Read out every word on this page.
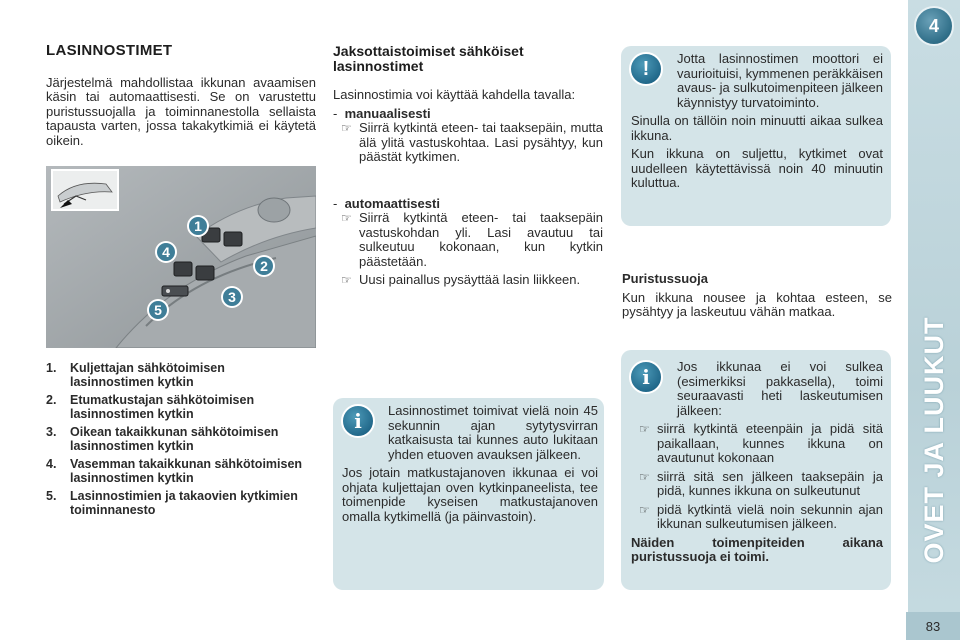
4
OVET JA LUUKUT
83
LASINNOSTIMET

Järjestelmä mahdollistaa ikkunan avaamisen käsin tai automaattisesti. Se on varustettu puristussuojalla ja toiminnanestolla sellaista tapausta varten, jossa takakytkimiä ei käytetä oikein.

1
2
3
4
5
1. Kuljettajan sähkötoimisen lasinnostimen kytkin
2. Etumatkustajan sähkötoimisen lasinnostimen kytkin
3. Oikean takaikkunan sähkötoimisen lasinnostimen kytkin
4. Vasemman takaikkunan sähkötoimisen lasinnostimen kytkin
5. Lasinnostimien ja takaovien kytkimien toiminnanesto
Jaksottaistoimiset sähköiset lasinnostimet

Lasinnostimia voi käyttää kahdella tavalla:

- manuaalisesti

☞ Siirrä kytkintä eteen- tai taaksepäin, mutta älä ylitä vastuskohtaa. Lasi pysähtyy, kun päästät kytkimen.

- automaattisesti

☞ Siirrä kytkintä eteen- tai taaksepäin vastuskohdan yli. Lasi avautuu tai sulkeutuu kokonaan, kun kytkin päästetään.

☞ Uusi painallus pysäyttää lasin liikkeen.

i	Lasinnostimet toimivat vielä noin 45 sekunnin ajan sytytysvirran katkaisusta tai kunnes auto lukitaan yhden etuoven avauksen jälkeen.

Jos jotain matkustajanoven ikkunaa ei voi ohjata kuljettajan oven kytkinpaneelista, tee toimenpide kyseisen matkustajanoven omalla kytkimellä (ja päinvastoin).

!	Jotta lasinnostimen moottori ei vaurioituisi, kymmenen peräkkäisen avaus- ja sulkutoimenpiteen jälkeen käynnistyy turvatoiminto.

Sinulla on tällöin noin minuutti aikaa sulkea ikkuna.

Kun ikkuna on suljettu, kytkimet ovat uudelleen käytettävissä noin 40 minuutin kuluttua.

Puristussuoja

Kun ikkuna nousee ja kohtaa esteen, se pysähtyy ja laskeutuu vähän matkaa.

i	Jos ikkunaa ei voi sulkea (esimerkiksi pakkasella), toimi seuraavasti heti laskeutumisen jälkeen:

☞ siirrä kytkintä eteenpäin ja pidä sitä paikallaan, kunnes ikkuna on avautunut kokonaan

☞ siirrä sitä sen jälkeen taaksepäin ja pidä, kunnes ikkuna on sulkeutunut

☞ pidä kytkintä vielä noin sekunnin ajan ikkunan sulkeutumisen jälkeen.

Näiden toimenpiteiden aikana puristussuoja ei toimi.
